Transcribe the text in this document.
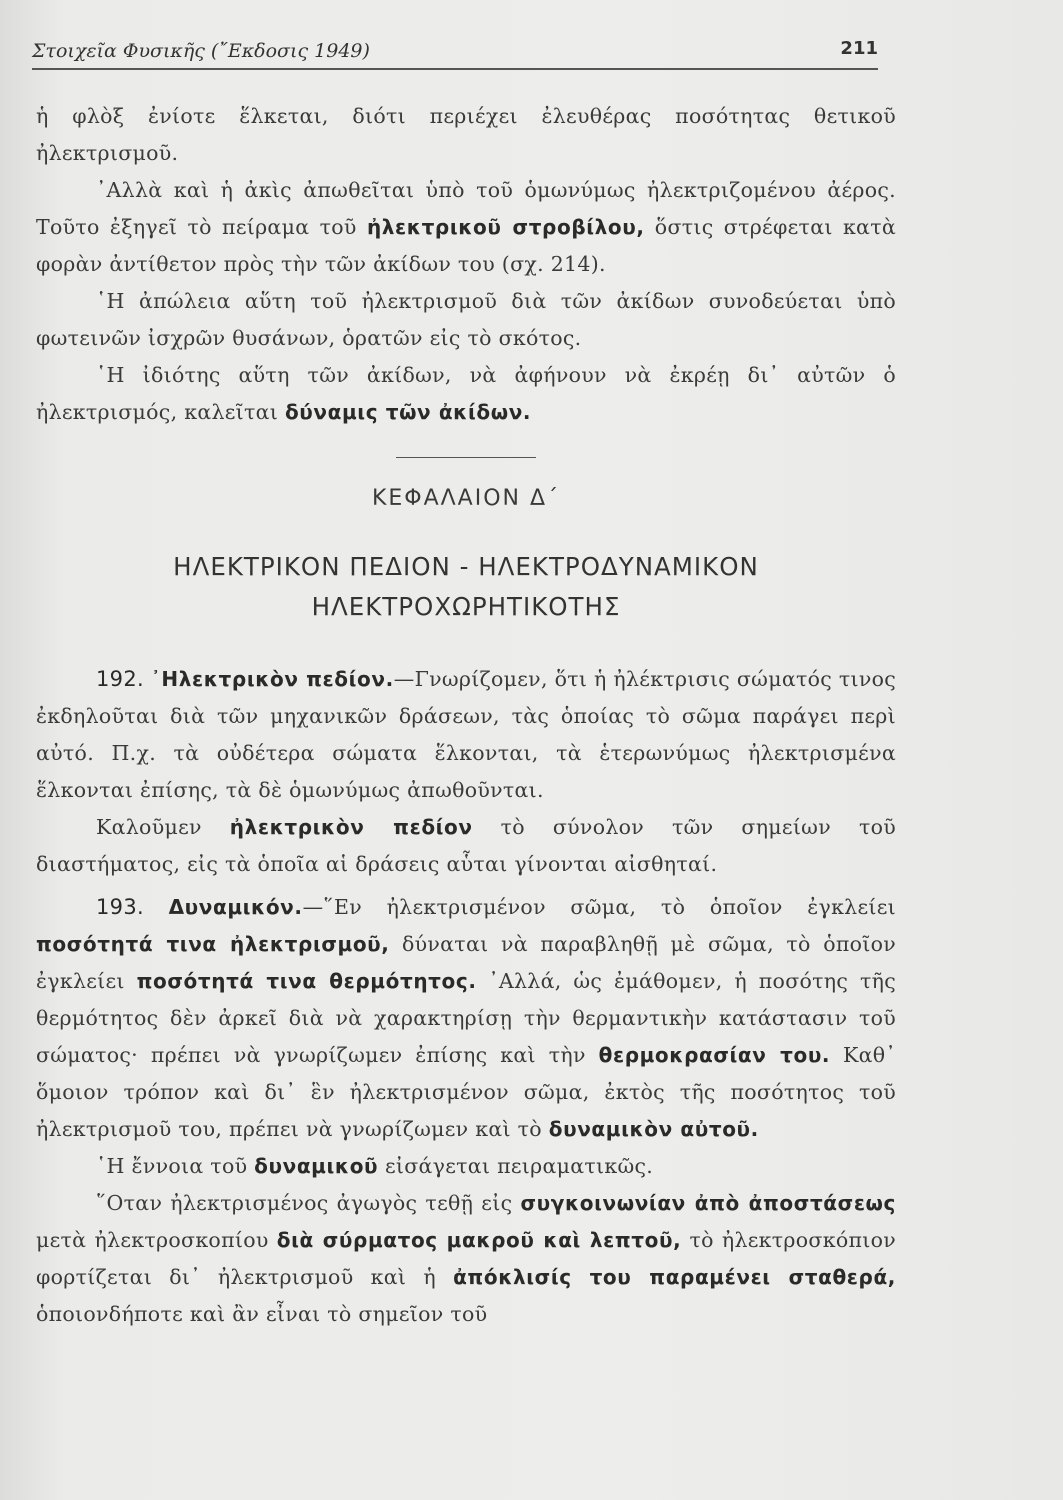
Στοιχεῖα Φυσικῆς (῎Εκδοσις 1949)	211

ἡ φλὸξ ἐνίοτε ἕλκεται, διότι περιέχει ἐλευθέρας ποσότητας θετικοῦ ἠλεκτρισμοῦ.

᾿Αλλὰ καὶ ἡ ἀκὶς ἀπωθεῖται ὑπὸ τοῦ ὁμωνύμως ἠλεκτριζομένου ἀέρος. Τοῦτο ἐξηγεῖ τὸ πείραμα τοῦ ἠλεκτρικοῦ στροβίλου, ὅστις στρέφεται κατὰ φορὰν ἀντίθετον πρὸς τὴν τῶν ἀκίδων του (σχ. 214).

῾Η ἀπώλεια αὕτη τοῦ ἠλεκτρισμοῦ διὰ τῶν ἀκίδων συνοδεύεται ὑπὸ φωτεινῶν ἰσχρῶν θυσάνων, ὁρατῶν εἰς τὸ σκότος.

῾Η ἰδιότης αὕτη τῶν ἀκίδων, νὰ ἀφήνουν νὰ ἐκρέῃ δι᾿ αὐτῶν ὁ ἠλεκτρισμός, καλεῖται δύναμις τῶν ἀκίδων.

ΚΕΦΑΛΑΙΟΝ Δ΄
ΗΛΕΚΤΡΙΚΟΝ ΠΕΔΙΟΝ - ΗΛΕΚΤΡΟΔΥΝΑΜΙΚΟΝ
ΗΛΕΚΤΡΟΧΩΡΗΤΙΚΟΤΗΣ

192. ᾿Ηλεκτρικὸν πεδίον.—Γνωρίζομεν, ὅτι ἡ ἠλέκτρισις σώματός τινος ἐκδηλοῦται διὰ τῶν μηχανικῶν δράσεων, τὰς ὁποίας τὸ σῶμα παράγει περὶ αὐτό. Π.χ. τὰ οὐδέτερα σώματα ἕλκονται, τὰ ἑτερωνύμως ἠλεκτρισμένα ἕλκονται ἐπίσης, τὰ δὲ ὁμωνύμως ἀπωθοῦνται.

Καλοῦμεν ἠλεκτρικὸν πεδίον τὸ σύνολον τῶν σημείων τοῦ διαστήματος, εἰς τὰ ὁποῖα αἱ δράσεις αὗται γίνονται αἰσθηταί.

193. Δυναμικόν.—῞Εν ἠλεκτρισμένον σῶμα, τὸ ὁποῖον ἐγκλείει ποσότητά τινα ἠλεκτρισμοῦ, δύναται νὰ παραβληθῇ μὲ σῶμα, τὸ ὁποῖον ἐγκλείει ποσότητά τινα θερμότητος. ᾿Αλλά, ὡς ἐμάθομεν, ἡ ποσότης τῆς θερμότητος δὲν ἀρκεῖ διὰ νὰ χαρακτηρίσῃ τὴν θερμαντικὴν κατάστασιν τοῦ σώματος· πρέπει νὰ γνωρίζωμεν ἐπίσης καὶ τὴν θερμοκρασίαν του. Καθ᾿ ὅμοιον τρόπον καὶ δι᾿ ἓν ἠλεκτρισμένον σῶμα, ἐκτὸς τῆς ποσότητος τοῦ ἠλεκτρισμοῦ του, πρέπει νὰ γνωρίζωμεν καὶ τὸ δυναμικὸν αὐτοῦ.

῾Η ἔννοια τοῦ δυναμικοῦ εἰσάγεται πειραματικῶς.

῞Οταν ἠλεκτρισμένος ἀγωγὸς τεθῇ εἰς συγκοινωνίαν ἀπὸ ἀποστάσεως μετὰ ἠλεκτροσκοπίου διὰ σύρματος μακροῦ καὶ λεπτοῦ, τὸ ἠλεκτροσκόπιον φορτίζεται δι᾿ ἠλεκτρισμοῦ καὶ ἡ ἀπόκλισίς του παραμένει σταθερά, ὁποιονδήποτε καὶ ἂν εἶναι τὸ σημεῖον τοῦ
